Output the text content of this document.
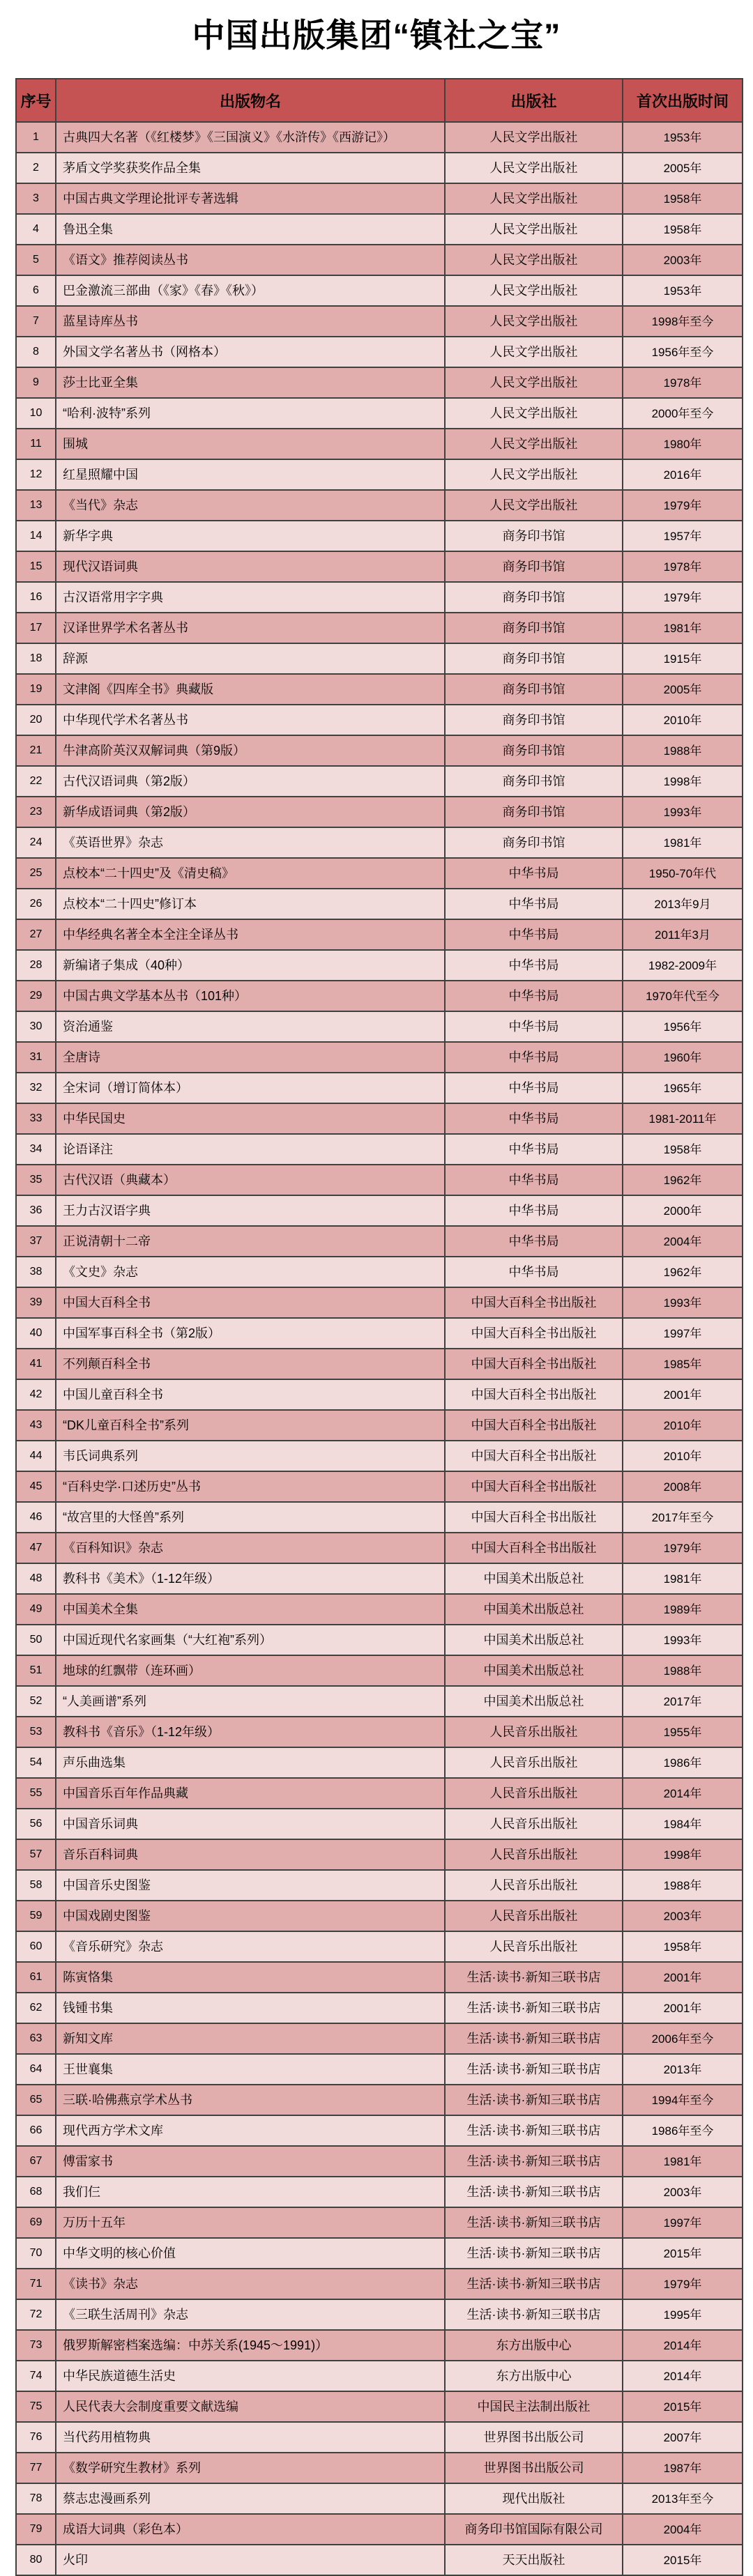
中国出版集团“镇社之宝”
序号	出版物名	出版社	首次出版时间
1	古典四大名著（《红楼梦》《三国演义》《水浒传》《西游记》）	人民文学出版社	1953年
2	茅盾文学奖获奖作品全集	人民文学出版社	2005年
3	中国古典文学理论批评专著选辑	人民文学出版社	1958年
4	鲁迅全集	人民文学出版社	1958年
5	《语文》推荐阅读丛书	人民文学出版社	2003年
6	巴金激流三部曲（《家》《春》《秋》）	人民文学出版社	1953年
7	蓝星诗库丛书	人民文学出版社	1998年至今
8	外国文学名著丛书（网格本）	人民文学出版社	1956年至今
9	莎士比亚全集	人民文学出版社	1978年
10	“哈利·波特”系列	人民文学出版社	2000年至今
11	围城	人民文学出版社	1980年
12	红星照耀中国	人民文学出版社	2016年
13	《当代》杂志	人民文学出版社	1979年
14	新华字典	商务印书馆	1957年
15	现代汉语词典	商务印书馆	1978年
16	古汉语常用字字典	商务印书馆	1979年
17	汉译世界学术名著丛书	商务印书馆	1981年
18	辞源	商务印书馆	1915年
19	文津阁《四库全书》典藏版	商务印书馆	2005年
20	中华现代学术名著丛书	商务印书馆	2010年
21	牛津高阶英汉双解词典（第9版）	商务印书馆	1988年
22	古代汉语词典（第2版）	商务印书馆	1998年
23	新华成语词典（第2版）	商务印书馆	1993年
24	《英语世界》杂志	商务印书馆	1981年
25	点校本“二十四史”及《清史稿》	中华书局	1950-70年代
26	点校本“二十四史”修订本	中华书局	2013年9月
27	中华经典名著全本全注全译丛书	中华书局	2011年3月
28	新编诸子集成（40种）	中华书局	1982-2009年
29	中国古典文学基本丛书（101种）	中华书局	1970年代至今
30	资治通鉴	中华书局	1956年
31	全唐诗	中华书局	1960年
32	全宋词（增订简体本）	中华书局	1965年
33	中华民国史	中华书局	1981-2011年
34	论语译注	中华书局	1958年
35	古代汉语（典藏本）	中华书局	1962年
36	王力古汉语字典	中华书局	2000年
37	正说清朝十二帝	中华书局	2004年
38	《文史》杂志	中华书局	1962年
39	中国大百科全书	中国大百科全书出版社	1993年
40	中国军事百科全书（第2版）	中国大百科全书出版社	1997年
41	不列颠百科全书	中国大百科全书出版社	1985年
42	中国儿童百科全书	中国大百科全书出版社	2001年
43	“DK儿童百科全书”系列	中国大百科全书出版社	2010年
44	韦氏词典系列	中国大百科全书出版社	2010年
45	“百科史学·口述历史”丛书	中国大百科全书出版社	2008年
46	“故宫里的大怪兽”系列	中国大百科全书出版社	2017年至今
47	《百科知识》杂志	中国大百科全书出版社	1979年
48	教科书《美术》（1-12年级）	中国美术出版总社	1981年
49	中国美术全集	中国美术出版总社	1989年
50	中国近现代名家画集（“大红袍”系列）	中国美术出版总社	1993年
51	地球的红飘带（连环画）	中国美术出版总社	1988年
52	“人美画谱”系列	中国美术出版总社	2017年
53	教科书《音乐》（1-12年级）	人民音乐出版社	1955年
54	声乐曲选集	人民音乐出版社	1986年
55	中国音乐百年作品典藏	人民音乐出版社	2014年
56	中国音乐词典	人民音乐出版社	1984年
57	音乐百科词典	人民音乐出版社	1998年
58	中国音乐史图鉴	人民音乐出版社	1988年
59	中国戏剧史图鉴	人民音乐出版社	2003年
60	《音乐研究》杂志	人民音乐出版社	1958年
61	陈寅恪集	生活·读书·新知三联书店	2001年
62	钱锺书集	生活·读书·新知三联书店	2001年
63	新知文库	生活·读书·新知三联书店	2006年至今
64	王世襄集	生活·读书·新知三联书店	2013年
65	三联·哈佛燕京学术丛书	生活·读书·新知三联书店	1994年至今
66	现代西方学术文库	生活·读书·新知三联书店	1986年至今
67	傅雷家书	生活·读书·新知三联书店	1981年
68	我们仨	生活·读书·新知三联书店	2003年
69	万历十五年	生活·读书·新知三联书店	1997年
70	中华文明的核心价值	生活·读书·新知三联书店	2015年
71	《读书》杂志	生活·读书·新知三联书店	1979年
72	《三联生活周刊》杂志	生活·读书·新知三联书店	1995年
73	俄罗斯解密档案选编：中苏关系(1945～1991)）	东方出版中心	2014年
74	中华民族道德生活史	东方出版中心	2014年
75	人民代表大会制度重要文献选编	中国民主法制出版社	2015年
76	当代药用植物典	世界图书出版公司	2007年
77	《数学研究生教材》系列	世界图书出版公司	1987年
78	蔡志忠漫画系列	现代出版社	2013年至今
79	成语大词典（彩色本）	商务印书馆国际有限公司	2004年
80	火印	天天出版社	2015年
